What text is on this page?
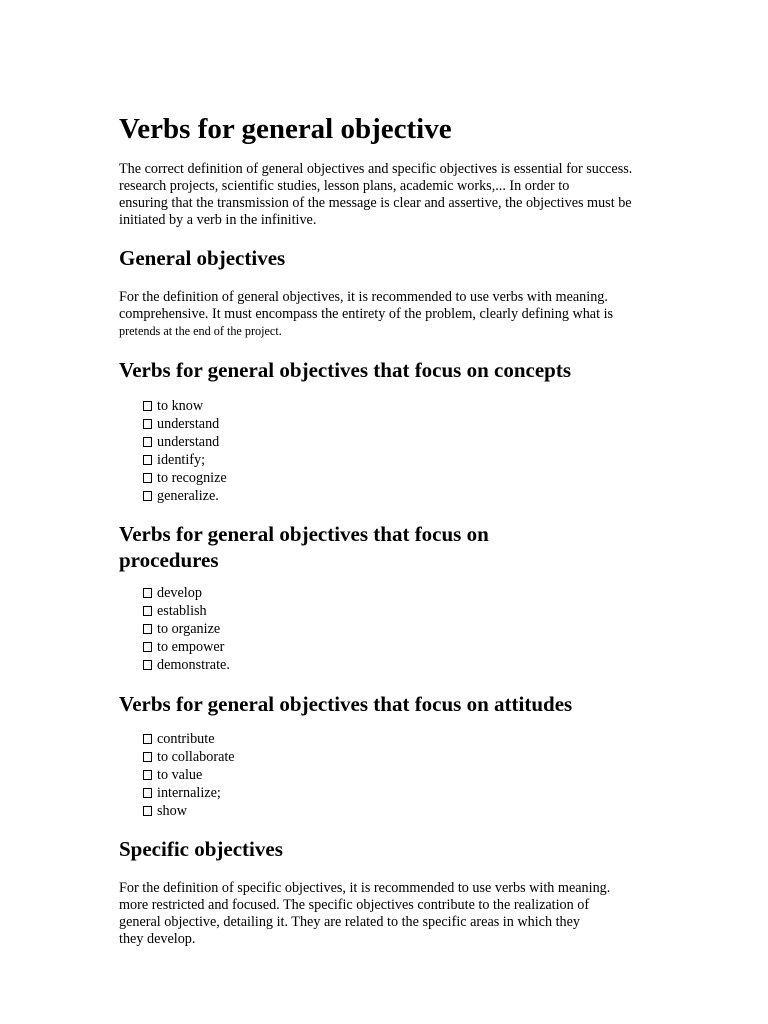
Verbs for general objective

The correct definition of general objectives and specific objectives is essential for success.
research projects, scientific studies, lesson plans, academic works,... In order to
ensuring that the transmission of the message is clear and assertive, the objectives must be
initiated by a verb in the infinitive.

General objectives

For the definition of general objectives, it is recommended to use verbs with meaning.
comprehensive. It must encompass the entirety of the problem, clearly defining what is
pretends at the end of the project.

Verbs for general objectives that focus on concepts
to know
understand
understand
identify;
to recognize
generalize.
Verbs for general objectives that focus on
procedures
develop
establish
to organize
to empower
demonstrate.
Verbs for general objectives that focus on attitudes
contribute
to collaborate
to value
internalize;
show
Specific objectives

For the definition of specific objectives, it is recommended to use verbs with meaning.
more restricted and focused. The specific objectives contribute to the realization of
general objective, detailing it. They are related to the specific areas in which they
they develop.
